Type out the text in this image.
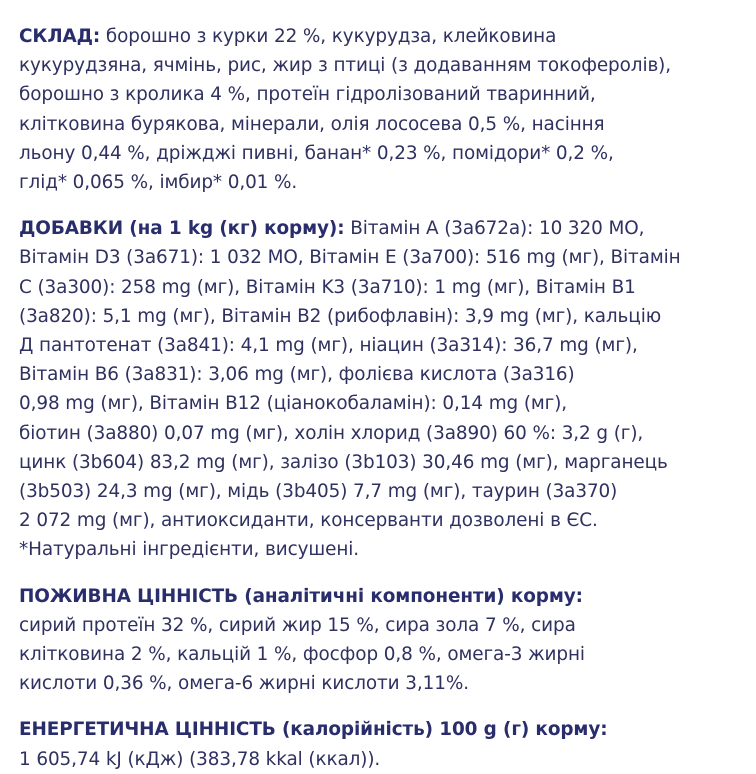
СКЛАД: борошно з курки 22 %, кукурудза, клейковина
кукурудзяна, ячмінь, рис, жир з птиці (з додаванням токоферолів),
борошно з кролика 4 %, протеїн гідролізований тваринний,
клітковина бурякова, мінерали, олія лососева 0,5 %, насіння
льону 0,44 %, дріжджі пивні, банан* 0,23 %, помідори* 0,2 %,
глід* 0,065 %, імбир* 0,01 %.

ДОБАВКИ (на 1 kg (кг) корму): Вітамін A (3a672a): 10 320 МО,
Вітамін D3 (3a671): 1 032 МО, Вітамін E (3a700): 516 mg (мг), Вітамін
C (3a300): 258 mg (мг), Вітамін K3 (3a710): 1 mg (мг), Вітамін B1
(3a820): 5,1 mg (мг), Вітамін B2 (рибофлавін): 3,9 mg (мг), кальцію
Д пантотенат (3a841): 4,1 mg (мг), ніацин (3a314): 36,7 mg (мг),
Вітамін B6 (3a831): 3,06 mg (мг), фолієва кислота (3a316)
0,98 mg (мг), Вітамін B12 (ціанокобаламін): 0,14 mg (мг),
біотин (3a880) 0,07 mg (мг), холін хлорид (3a890) 60 %: 3,2 g (г),
цинк (3b604) 83,2 mg (мг), залізо (3b103) 30,46 mg (мг), марганець
(3b503) 24,3 mg (мг), мідь (3b405) 7,7 mg (мг), таурин (3a370)
2 072 mg (мг), антиоксиданти, консерванти дозволені в ЄС.
*Натуральні інгредієнти, висушені.

ПОЖИВНА ЦІННІСТЬ (аналітичні компоненти) корму:
сирий протеїн 32 %, сирий жир 15 %, сира зола 7 %, сира
клітковина 2 %, кальцій 1 %, фосфор 0,8 %, омега-3 жирні
кислоти 0,36 %, омега-6 жирні кислоти 3,11%.

ЕНЕРГЕТИЧНА ЦІННІСТЬ (калорійність) 100 g (г) корму:
1 605,74 kJ (кДж) (383,78 kkal (ккал)).
